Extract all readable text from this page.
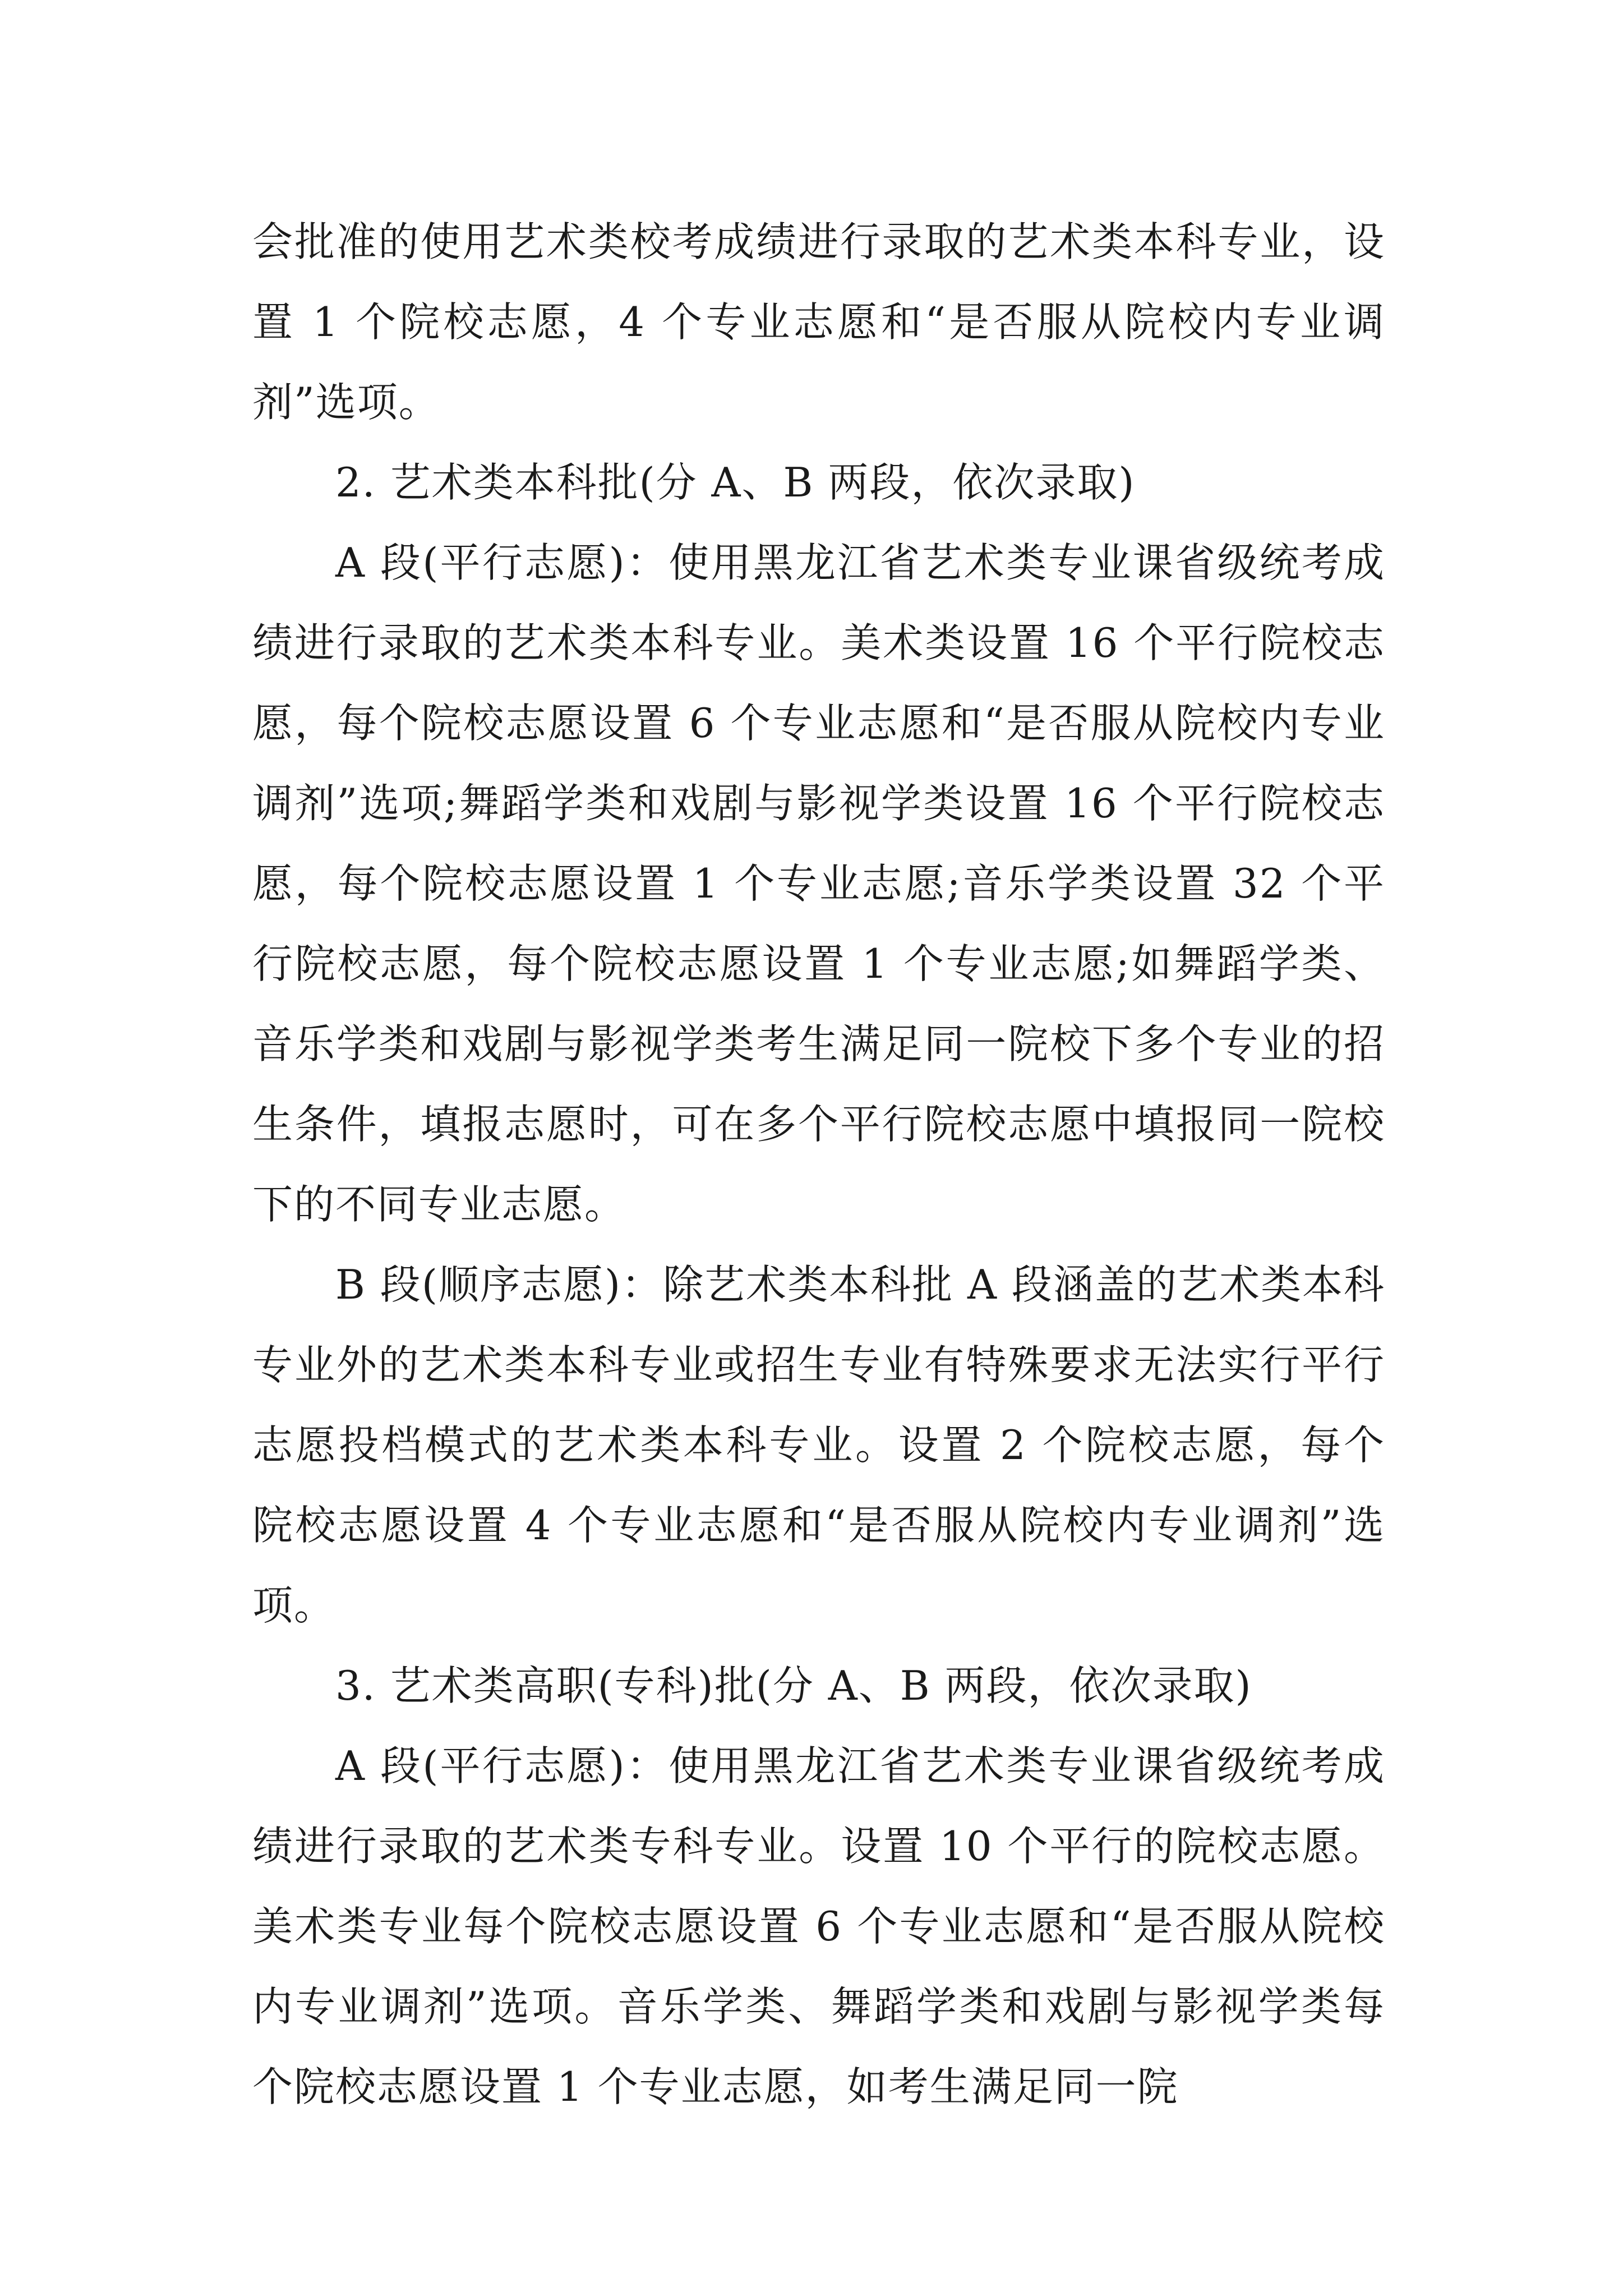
会批准的使用艺术类校考成绩进行录取的艺术类本科专业，设置 1 个院校志愿，4 个专业志愿和“是否服从院校内专业调剂”选项。

2. 艺术类本科批(分 A、B 两段，依次录取)

A 段(平行志愿)：使用黑龙江省艺术类专业课省级统考成绩进行录取的艺术类本科专业。美术类设置 16 个平行院校志愿，每个院校志愿设置 6 个专业志愿和“是否服从院校内专业调剂”选项;舞蹈学类和戏剧与影视学类设置 16 个平行院校志愿，每个院校志愿设置 1 个专业志愿;音乐学类设置 32 个平行院校志愿，每个院校志愿设置 1 个专业志愿;如舞蹈学类、音乐学类和戏剧与影视学类考生满足同一院校下多个专业的招生条件，填报志愿时，可在多个平行院校志愿中填报同一院校下的不同专业志愿。

B 段(顺序志愿)：除艺术类本科批 A 段涵盖的艺术类本科专业外的艺术类本科专业或招生专业有特殊要求无法实行平行志愿投档模式的艺术类本科专业。设置 2 个院校志愿，每个院校志愿设置 4 个专业志愿和“是否服从院校内专业调剂”选项。

3. 艺术类高职(专科)批(分 A、B 两段，依次录取)

A 段(平行志愿)：使用黑龙江省艺术类专业课省级统考成绩进行录取的艺术类专科专业。设置 10 个平行的院校志愿。美术类专业每个院校志愿设置 6 个专业志愿和“是否服从院校内专业调剂”选项。音乐学类、舞蹈学类和戏剧与影视学类每个院校志愿设置 1 个专业志愿，如考生满足同一院
